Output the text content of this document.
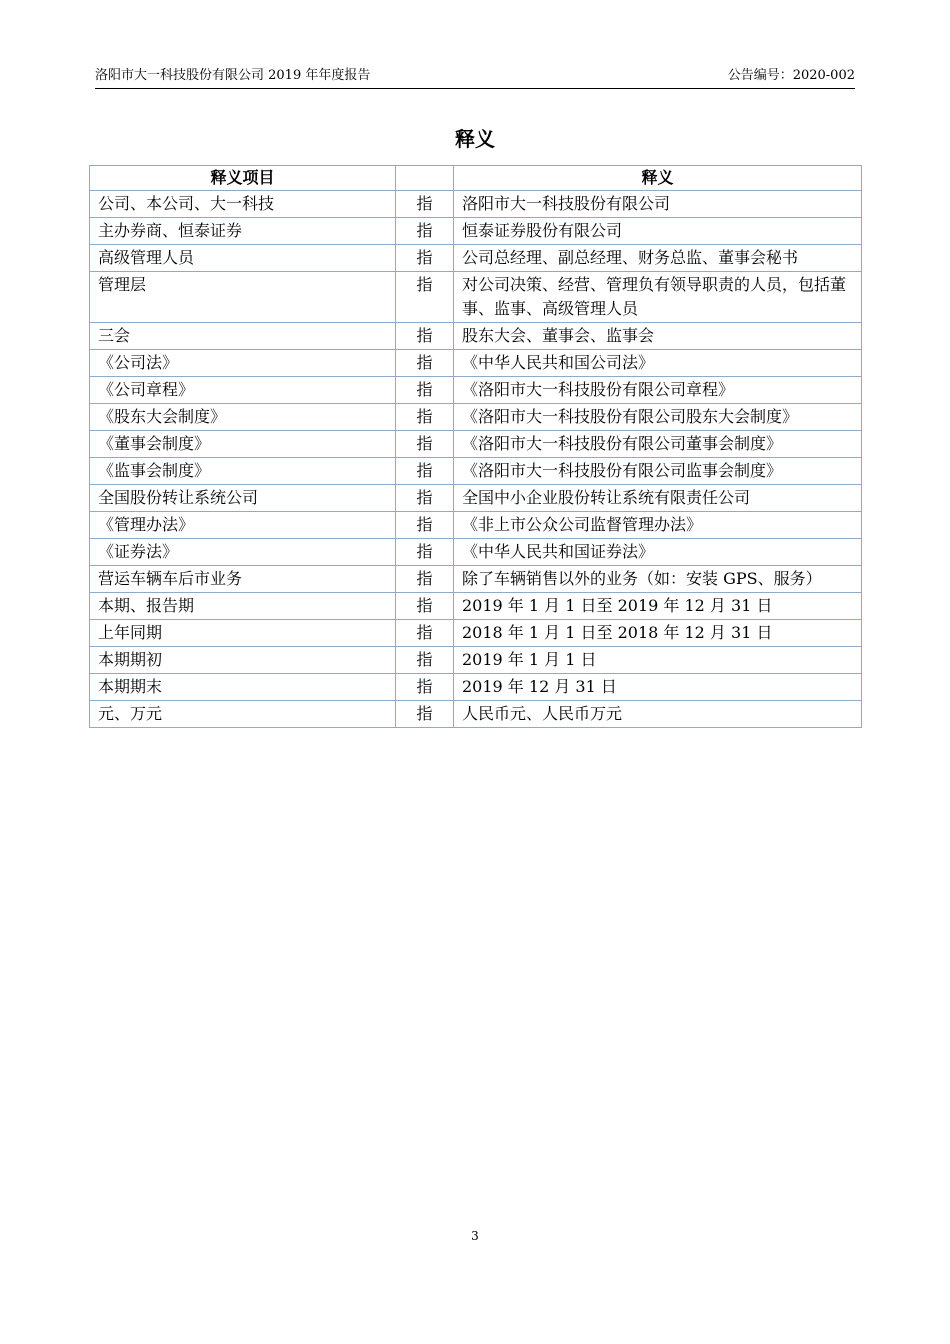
洛阳市大一科技股份有限公司 2019 年年度报告	公告编号：2020-002
释义
释义项目		释义
公司、本公司、大一科技	指	洛阳市大一科技股份有限公司
主办券商、恒泰证券	指	恒泰证券股份有限公司
高级管理人员	指	公司总经理、副总经理、财务总监、董事会秘书
管理层	指	对公司决策、经营、管理负有领导职责的人员，包括董事、监事、高级管理人员
三会	指	股东大会、董事会、监事会
《公司法》	指	《中华人民共和国公司法》
《公司章程》	指	《洛阳市大一科技股份有限公司章程》
《股东大会制度》	指	《洛阳市大一科技股份有限公司股东大会制度》
《董事会制度》	指	《洛阳市大一科技股份有限公司董事会制度》
《监事会制度》	指	《洛阳市大一科技股份有限公司监事会制度》
全国股份转让系统公司	指	全国中小企业股份转让系统有限责任公司
《管理办法》	指	《非上市公众公司监督管理办法》
《证券法》	指	《中华人民共和国证券法》
营运车辆车后市业务	指	除了车辆销售以外的业务（如：安装 GPS、服务）
本期、报告期	指	2019 年 1 月 1 日至 2019 年 12 月 31 日
上年同期	指	2018 年 1 月 1 日至 2018 年 12 月 31 日
本期期初	指	2019 年 1 月 1 日
本期期末	指	2019 年 12 月 31 日
元、万元	指	人民币元、人民币万元
3
